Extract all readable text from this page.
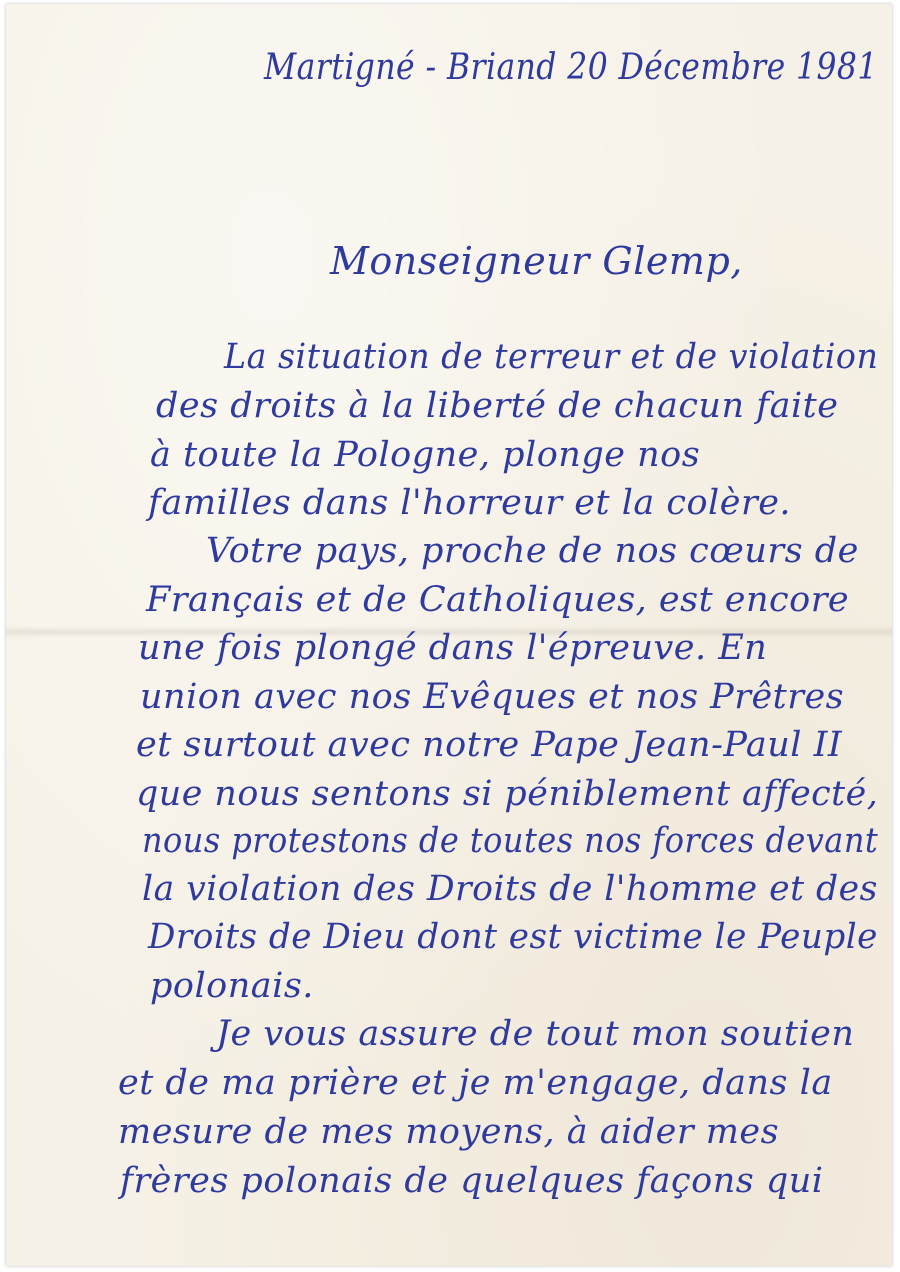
Martigné - Briand 20 Décembre 1981
Monseigneur Glemp,
La situation de terreur et de violation
des droits à la liberté de chacun faite
à toute la Pologne, plonge nos
familles dans l'horreur et la colère.
Votre pays, proche de nos cœurs de
Français et de Catholiques, est encore
une fois plongé dans l'épreuve. En
union avec nos Evêques et nos Prêtres
et surtout avec notre Pape Jean-Paul II
que nous sentons si péniblement affecté,
nous protestons de toutes nos forces devant
la violation des Droits de l'homme et des
Droits de Dieu dont est victime le Peuple
polonais.
Je vous assure de tout mon soutien
et de ma prière et je m'engage, dans la
mesure de mes moyens, à aider mes
frères polonais de quelques façons qui
